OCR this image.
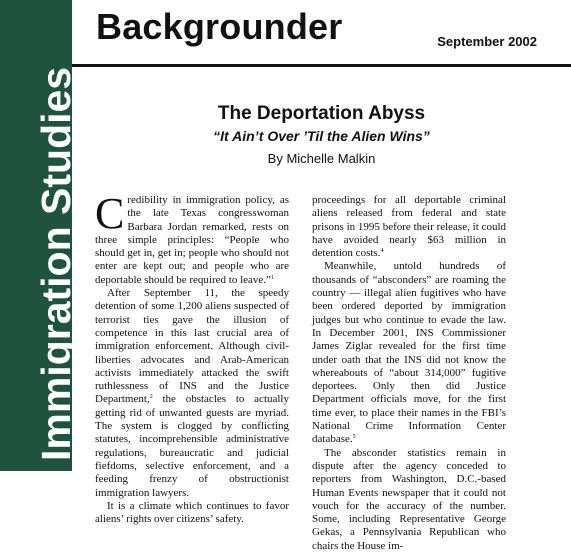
Immigration Studies
Backgrounder	September 2002
The Deportation Abyss
“It Ain’t Over ’Til the Alien Wins”
By Michelle Malkin

Credibility in immigration policy, as the late Texas congresswoman Barbara Jordan remarked, rests on three simple principles: “People who should get in, get in; people who should not enter are kept out; and people who are deportable should be required to leave.”$^1$

After September 11, the speedy detention of some 1,200 aliens suspected of terrorist ties gave the illusion of competence in this last crucial area of immigration enforcement. Although civil-liberties advocates and Arab-American activists immediately attacked the swift ruthlessness of INS and the Justice Department,$^2$ the obstacles to actually getting rid of unwanted guests are myriad. The system is clogged by conflicting statutes, incomprehensible administrative regulations, bureaucratic and judicial fiefdoms, selective enforcement, and a feeding frenzy of obstructionist immigration lawyers.

It is a climate which continues to favor aliens’ rights over citizens’ safety.

proceedings for all deportable criminal aliens released from federal and state prisons in 1995 before their release, it could have avoided nearly $63 million in detention costs.$^4$

Meanwhile, untold hundreds of thousands of “absconders” are roaming the country — illegal alien fugitives who have been ordered deported by immigration judges but who continue to evade the law. In December 2001, INS Commissioner James Ziglar revealed for the first time under oath that the INS did not know the whereabouts of “about 314,000” fugitive deportees. Only then did Justice Department officials move, for the first time ever, to place their names in the FBI’s National Crime Information Center database.$^5$

The absconder statistics remain in dispute after the agency conceded to reporters from Washington, D.C.-based Human Events newspaper that it could not vouch for the accuracy of the number. Some, including Representative George Gekas, a Pennsylvania Republican who chairs the House im-
